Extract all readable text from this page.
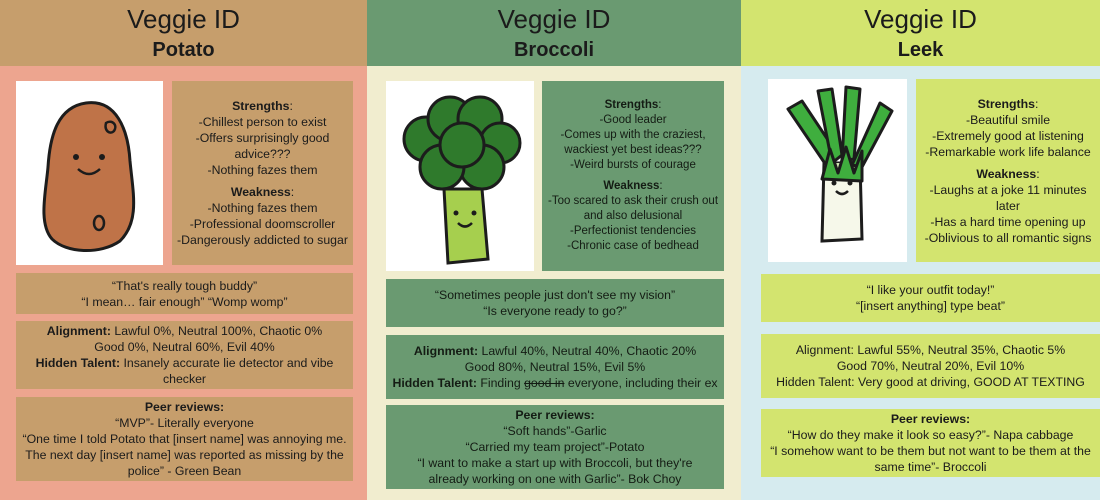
Veggie ID
Potato
Strengths:
-Chillest person to exist
-Offers surprisingly good advice???
-Nothing fazes them
Weakness:
-Nothing fazes them
-Professional doomscroller
-Dangerously addicted to sugar
“That's really tough buddy”
“I mean… fair enough” “Womp womp”
Alignment: Lawful 0%, Neutral 100%, Chaotic 0%
Good 0%, Neutral 60%, Evil 40%
Hidden Talent: Insanely accurate lie detector and vibe checker
Peer reviews:
“MVP”- Literally everyone
“One time I told Potato that [insert name] was annoying me. The next day [insert name] was reported as missing by the police” - Green Bean
Veggie ID
Broccoli
Strengths:
-Good leader
-Comes up with the craziest, wackiest yet best ideas???
-Weird bursts of courage
Weakness:
-Too scared to ask their crush out and also delusional
-Perfectionist tendencies
-Chronic case of bedhead
“Sometimes people just don't see my vision”
“Is everyone ready to go?”
Alignment: Lawful 40%, Neutral 40%, Chaotic 20%
Good 80%, Neutral 15%, Evil 5%
Hidden Talent: Finding good in everyone, including their ex
Peer reviews:
“Soft hands”-Garlic
“Carried my team project”-Potato
“I want to make a start up with Broccoli, but they're already working on one with Garlic”- Bok Choy
Veggie ID
Leek
Strengths:
-Beautiful smile
-Extremely good at listening
-Remarkable work life balance
Weakness:
-Laughs at a joke 11 minutes later
-Has a hard time opening up
-Oblivious to all romantic signs
“I like your outfit today!”
“[insert anything] type beat”
Alignment: Lawful 55%, Neutral 35%, Chaotic 5%
Good 70%, Neutral 20%, Evil 10%
Hidden Talent: Very good at driving, GOOD AT TEXTING
Peer reviews:
“How do they make it look so easy?”- Napa cabbage
“I somehow want to be them but not want to be them at the same time”- Broccoli
